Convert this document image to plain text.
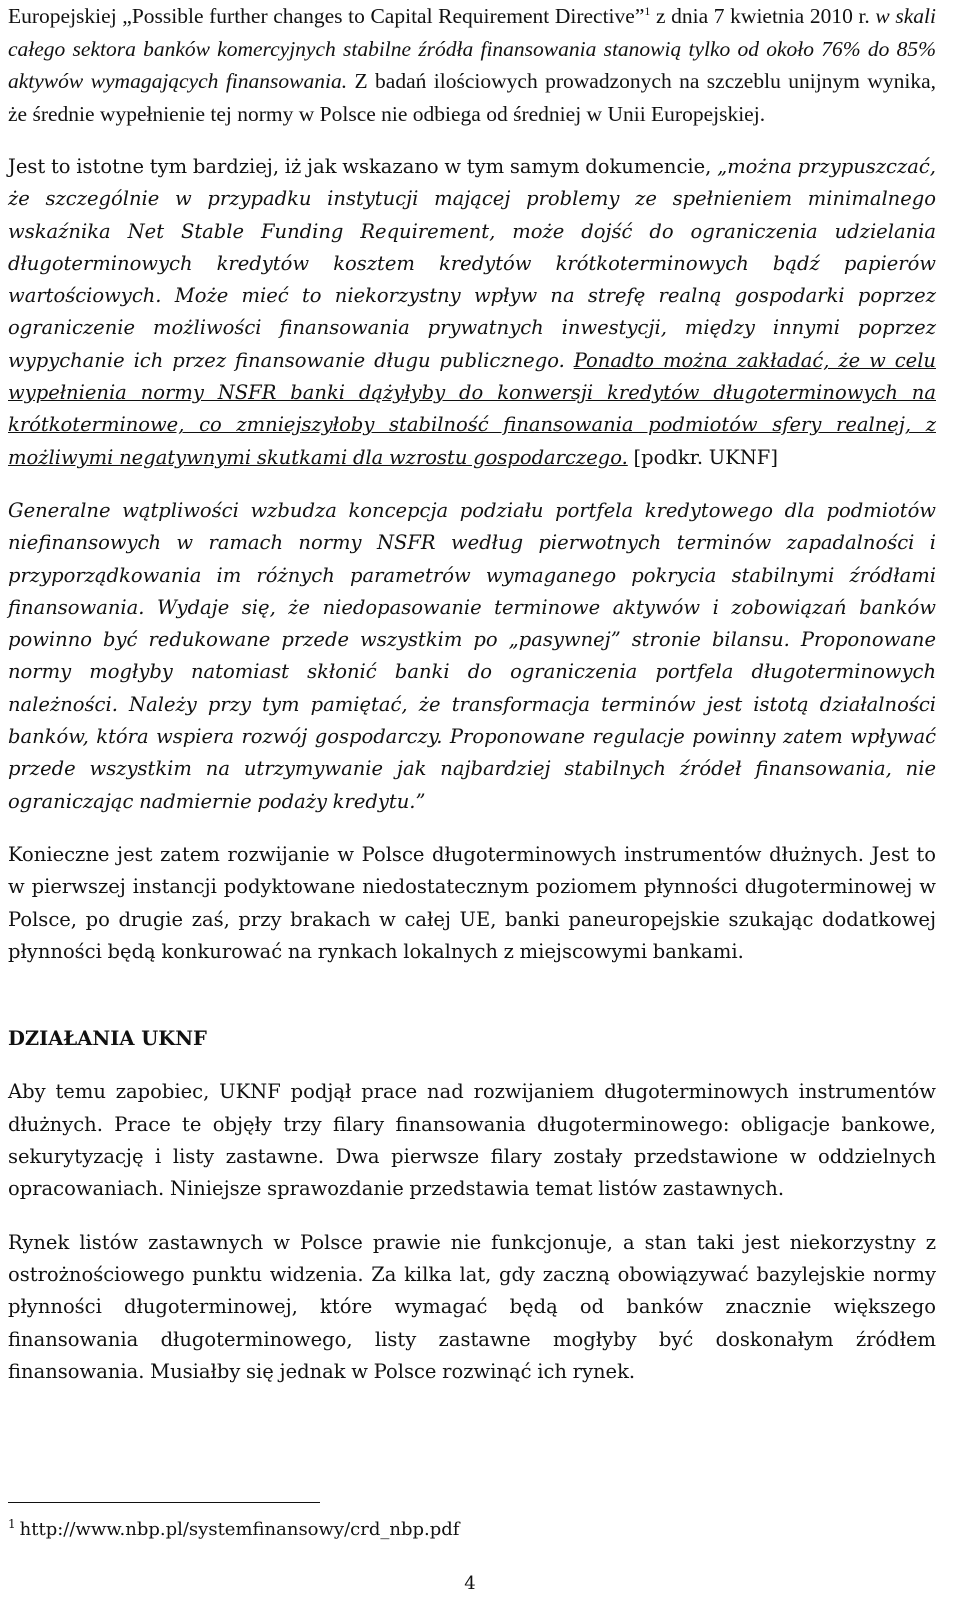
Europejskiej „Possible further changes to Capital Requirement Directive”$^1$ z dnia 7 kwietnia 2010 r. w skali całego sektora banków komercyjnych stabilne źródła finansowania stanowią tylko od około 76% do 85% aktywów wymagających finansowania. Z badań ilościowych prowadzonych na szczeblu unijnym wynika, że średnie wypełnienie tej normy w Polsce nie odbiega od średniej w Unii Europejskiej.

Jest to istotne tym bardziej, iż jak wskazano w tym samym dokumencie, „można przypuszczać, że szczególnie w przypadku instytucji mającej problemy ze spełnieniem minimalnego wskaźnika Net Stable Funding Requirement, może dojść do ograniczenia udzielania długoterminowych kredytów kosztem kredytów krótkoterminowych bądź papierów wartościowych. Może mieć to niekorzystny wpływ na strefę realną gospodarki poprzez ograniczenie możliwości finansowania prywatnych inwestycji, między innymi poprzez wypychanie ich przez finansowanie długu publicznego. Ponadto można zakładać, że w celu wypełnienia normy NSFR banki dążyłyby do konwersji kredytów długoterminowych na krótkoterminowe, co zmniejszyłoby stabilność finansowania podmiotów sfery realnej, z możliwymi negatywnymi skutkami dla wzrostu gospodarczego. [podkr. UKNF]

Generalne wątpliwości wzbudza koncepcja podziału portfela kredytowego dla podmiotów niefinansowych w ramach normy NSFR według pierwotnych terminów zapadalności i przyporządkowania im różnych parametrów wymaganego pokrycia stabilnymi źródłami finansowania. Wydaje się, że niedopasowanie terminowe aktywów i zobowiązań banków powinno być redukowane przede wszystkim po „pasywnej” stronie bilansu. Proponowane normy mogłyby natomiast skłonić banki do ograniczenia portfela długoterminowych należności. Należy przy tym pamiętać, że transformacja terminów jest istotą działalności banków, która wspiera rozwój gospodarczy. Proponowane regulacje powinny zatem wpływać przede wszystkim na utrzymywanie jak najbardziej stabilnych źródeł finansowania, nie ograniczając nadmiernie podaży kredytu.”

Konieczne jest zatem rozwijanie w Polsce długoterminowych instrumentów dłużnych. Jest to w pierwszej instancji podyktowane niedostatecznym poziomem płynności długoterminowej w Polsce, po drugie zaś, przy brakach w całej UE, banki paneuropejskie szukając dodatkowej płynności będą konkurować na rynkach lokalnych z miejscowymi bankami.

DZIAŁANIA UKNF

Aby temu zapobiec, UKNF podjął prace nad rozwijaniem długoterminowych instrumentów dłużnych. Prace te objęły trzy filary finansowania długoterminowego: obligacje bankowe, sekurytyzację i listy zastawne. Dwa pierwsze filary zostały przedstawione w oddzielnych opracowaniach. Niniejsze sprawozdanie przedstawia temat listów zastawnych.

Rynek listów zastawnych w Polsce prawie nie funkcjonuje, a stan taki jest niekorzystny z ostrożnościowego punktu widzenia. Za kilka lat, gdy zaczną obowiązywać bazylejskie normy płynności długoterminowej, które wymagać będą od banków znacznie większego finansowania długoterminowego, listy zastawne mogłyby być doskonałym źródłem finansowania. Musiałby się jednak w Polsce rozwinąć ich rynek.

$^1$ http://www.nbp.pl/systemfinansowy/crd_nbp.pdf
4
